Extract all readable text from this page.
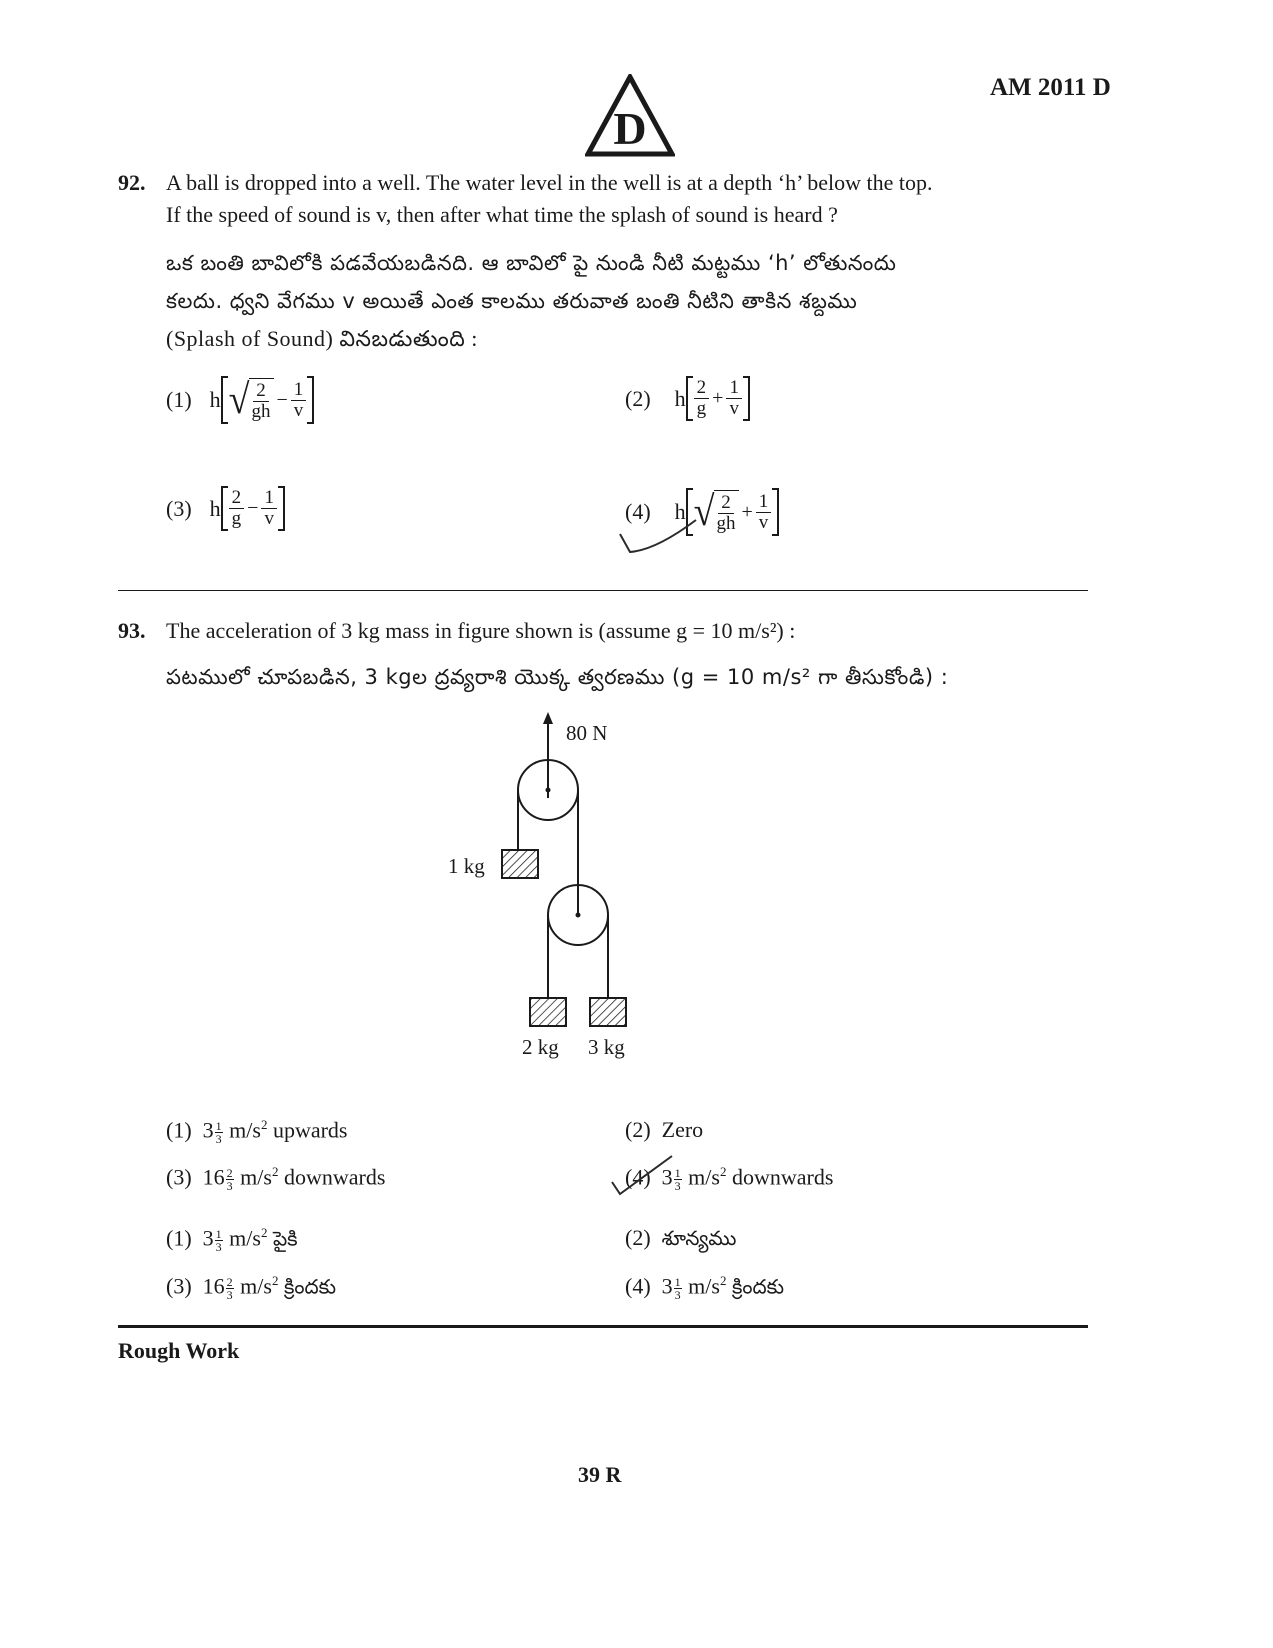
AM 2011 D
D
92. A ball is dropped into a well. The water level in the well is at a depth ‘h’ below the top.
If the speed of sound is v, then after what time the splash of sound is heard ?
ఒక బంతి బావిలోకి పడవేయబడినది. ఆ బావిలో పై నుండి నీటి మట్టము ‘h’ లోతునందు
కలదు. ధ్వని వేగము v అయితే ఎంత కాలము తరువాత బంతి నీటిని తాకిన శబ్దము
(Splash of Sound) వినబడుతుంది :
(1) h √ $\frac{2}{gh} - \frac{1}{v}$	(2) h $\frac{2}{g} + \frac{1}{v}$
(3) h $\frac{2}{g} - \frac{1}{v}$	(4) h √ $\frac{2}{gh} + \frac{1}{v}$
93. The acceleration of 3 kg mass in figure shown is (assume g = 10 m/s²) :
పటములో చూపబడిన, 3 kgల ద్రవ్యరాశి యొక్క త్వరణము (g = 10 m/s² గా తీసుకోండి) :
80 N
1 kg
2 kg 3 kg
(1) $3 \frac{1}{3} m/s^2$ upwards	(2) Zero
(3) $16 \frac{2}{3} m/s^2$ downwards	(4) $3 \frac{1}{3} m/s^2$ downwards
(1) $3 \frac{1}{3} m/s^2$ పైకి	(2) శూన్యము
(3) $16 \frac{2}{3} m/s^2$ క్రిందకు	(4) $3 \frac{1}{3} m/s^2$ క్రిందకు
Rough Work
39 R
